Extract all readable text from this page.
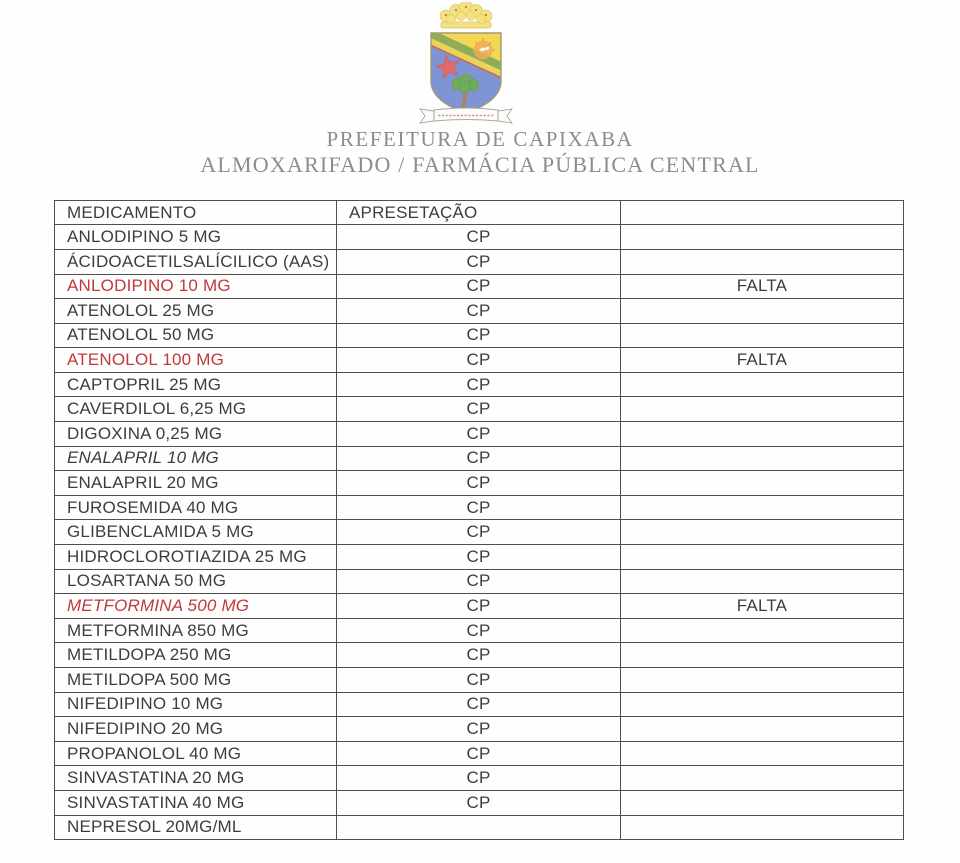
PREFEITURA DE CAPIXABA
ALMOXARIFADO / FARMÁCIA PÚBLICA CENTRAL
MEDICAMENTO	APRESETAÇÃO	
ANLODIPINO 5 MG	CP	
ÁCIDOACETILSALÍCILICO (AAS)	CP	
ANLODIPINO 10 MG	CP	FALTA
ATENOLOL 25 MG	CP	
ATENOLOL 50 MG	CP	
ATENOLOL 100 MG	CP	FALTA
CAPTOPRIL 25 MG	CP	
CAVERDILOL 6,25 MG	CP	
DIGOXINA 0,25 MG	CP	
ENALAPRIL 10 MG	CP	
ENALAPRIL 20 MG	CP	
FUROSEMIDA 40 MG	CP	
GLIBENCLAMIDA 5 MG	CP	
HIDROCLOROTIAZIDA 25 MG	CP	
LOSARTANA 50 MG	CP	
METFORMINA 500 MG	CP	FALTA
METFORMINA 850 MG	CP	
METILDOPA 250 MG	CP	
METILDOPA 500 MG	CP	
NIFEDIPINO 10 MG	CP	
NIFEDIPINO 20 MG	CP	
PROPANOLOL 40 MG	CP	
SINVASTATINA 20 MG	CP	
SINVASTATINA 40 MG	CP	
NEPRESOL 20MG/ML		
